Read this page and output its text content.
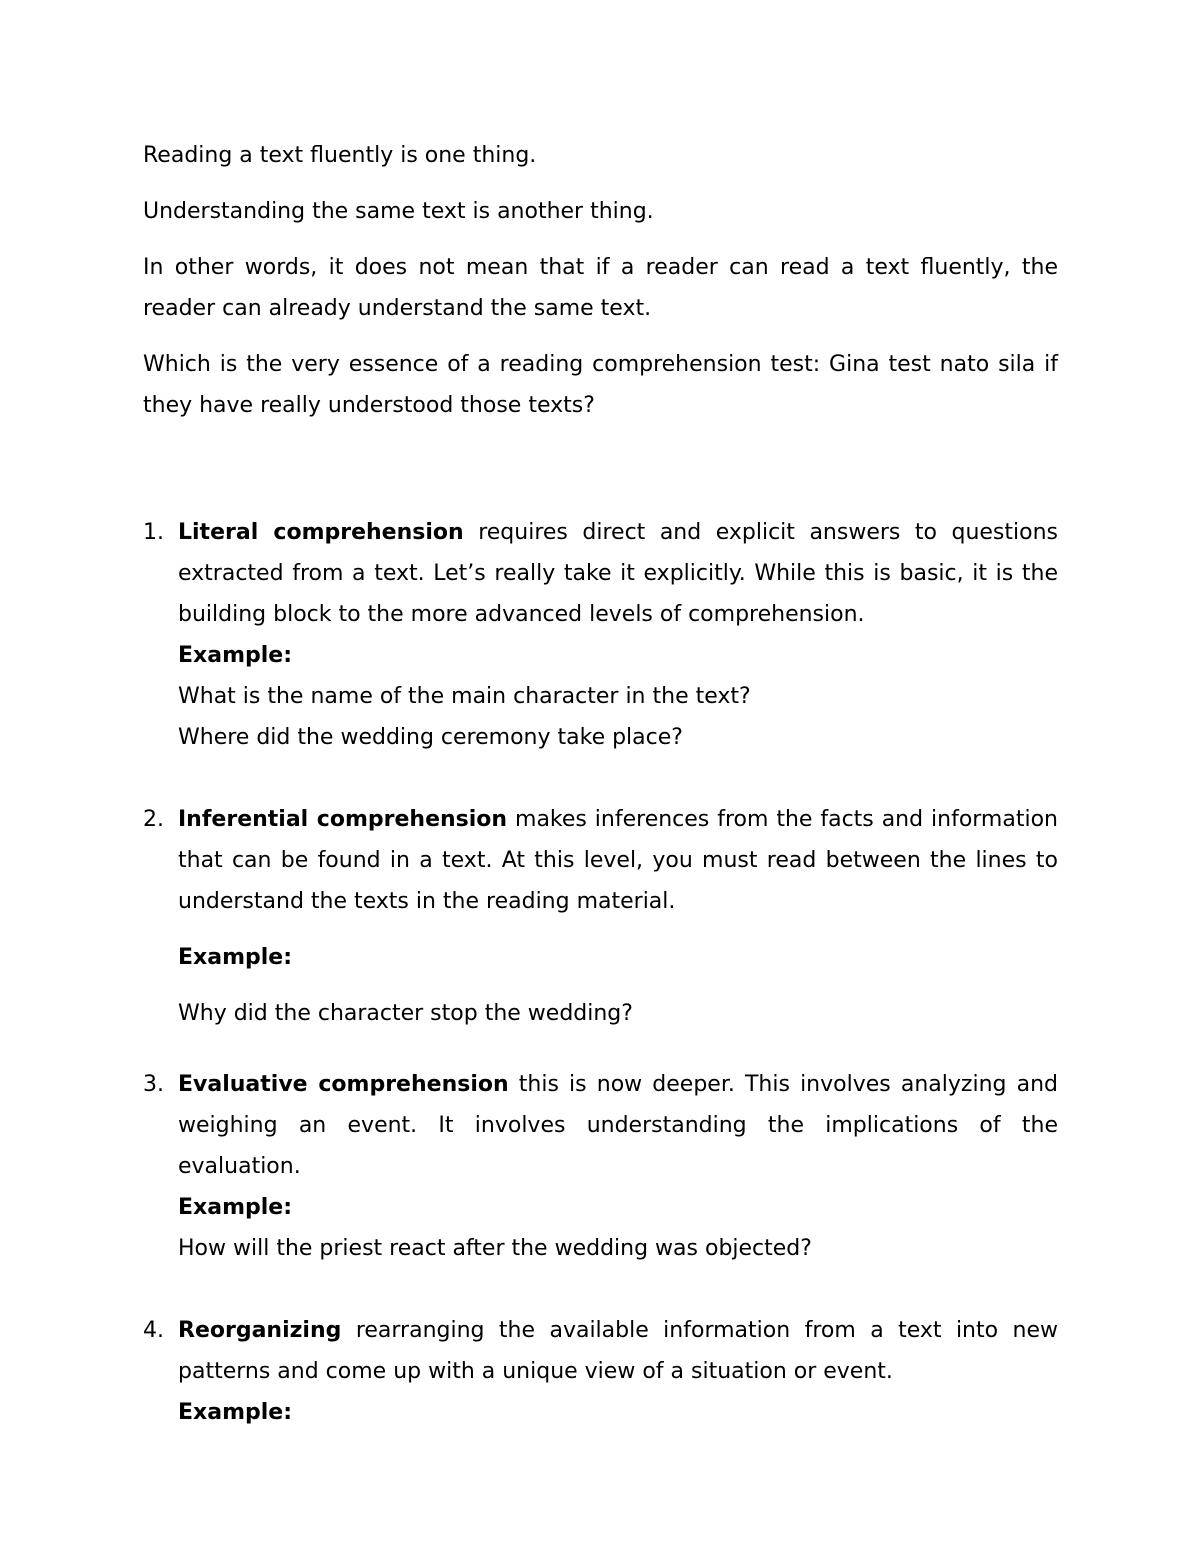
Reading a text fluently is one thing.

Understanding the same text is another thing.

In other words, it does not mean that if a reader can read a text fluently, the reader can already understand the same text.

Which is the very essence of a reading comprehension test: Gina test nato sila if they have really understood those texts?

1. Literal comprehension requires direct and explicit answers to questions extracted from a text. Let’s really take it explicitly. While this is basic, it is the building block to the more advanced levels of comprehension.
Example:
What is the name of the main character in the text?
Where did the wedding ceremony take place?
2. Inferential comprehension makes inferences from the facts and information that can be found in a text. At this level, you must read between the lines to understand the texts in the reading material.
Example:
Why did the character stop the wedding?
3. Evaluative comprehension this is now deeper. This involves analyzing and weighing an event. It involves understanding the implications of the evaluation.
Example:
How will the priest react after the wedding was objected?
4. Reorganizing rearranging the available information from a text into new patterns and come up with a unique view of a situation or event.
Example:
